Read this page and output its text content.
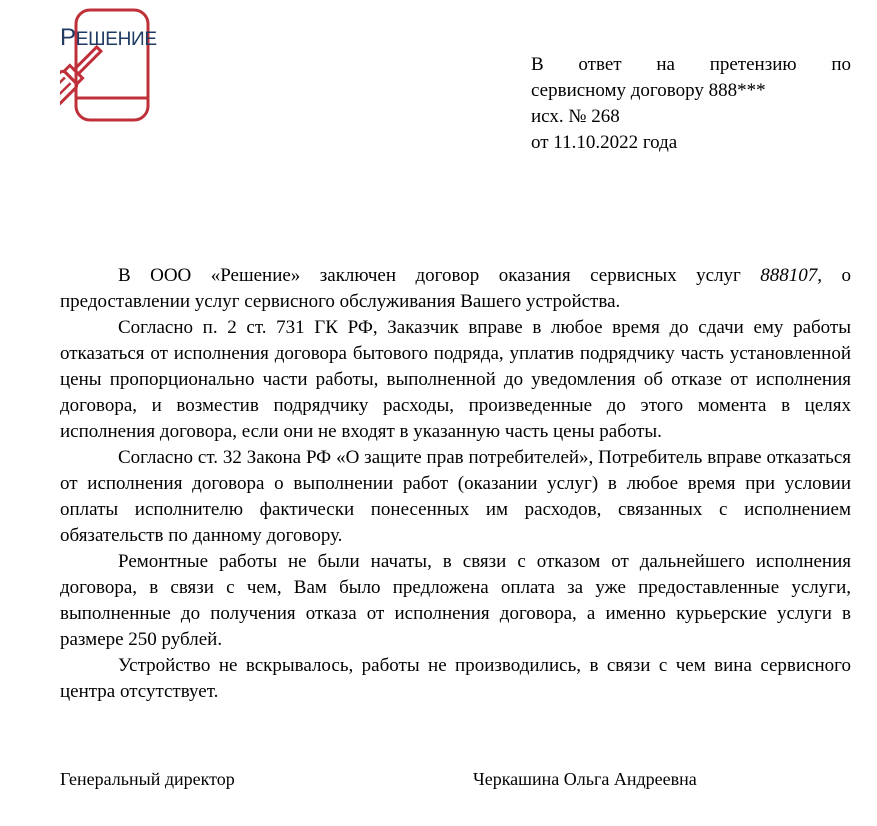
РЕШЕНИЕ
В ответ на претензию по
сервисному договору 888***
исх. № 268
от 11.10.2022 года

В ООО «Решение» заключен договор оказания сервисных услуг 888107, о предоставлении услуг сервисного обслуживания Вашего устройства.

Согласно п. 2 ст. 731 ГК РФ, Заказчик вправе в любое время до сдачи ему работы отказаться от исполнения договора бытового подряда, уплатив подрядчику часть установленной цены пропорционально части работы, выполненной до уведомления об отказе от исполнения договора, и возместив подрядчику расходы, произведенные до этого момента в целях исполнения договора, если они не входят в указанную часть цены работы.

Согласно ст. 32 Закона РФ «О защите прав потребителей», Потребитель вправе отказаться от исполнения договора о выполнении работ (оказании услуг) в любое время при условии оплаты исполнителю фактически понесенных им расходов, связанных с исполнением обязательств по данному договору.

Ремонтные работы не были начаты, в связи с отказом от дальнейшего исполнения договора, в связи с чем, Вам было предложена оплата за уже предоставленные услуги, выполненные до получения отказа от исполнения договора, а именно курьерские услуги в размере 250 рублей.

Устройство не вскрывалось, работы не производились, в связи с чем вина сервисного центра отсутствует.

Генеральный директор	Черкашина Ольга Андреевна
